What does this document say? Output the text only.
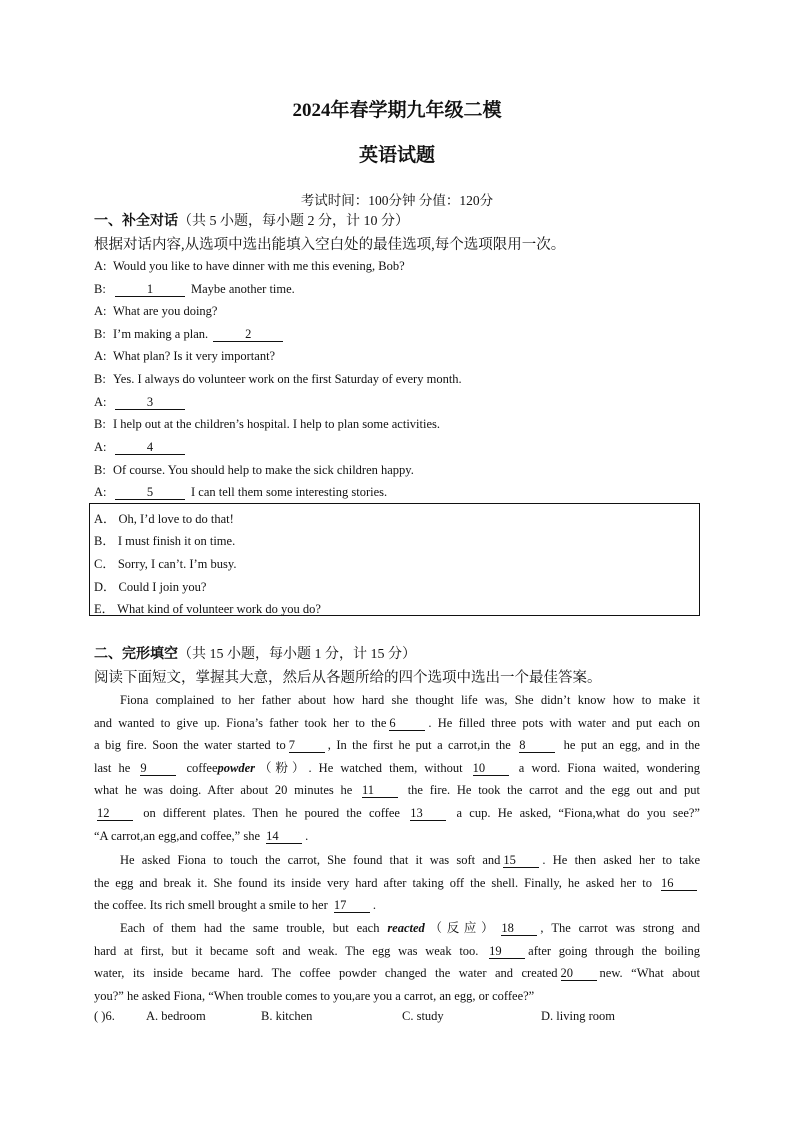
2024年春学期九年级二模
英语试题
考试时间：100分钟 分值：120分
一、补全对话（共 5 小题，每小题 2 分，计 10 分）
根据对话内容,从选项中选出能填入空白处的最佳选项,每个选项限用一次。
A: Would you like to have dinner with me this evening, Bob?
B:	1	Maybe another time.
A: What are you doing?
B: I’m making a plan.	2
A: What plan? Is it very important?
B: Yes. I always do volunteer work on the first Saturday of every month.
A:	3
B: I help out at the children’s hospital. I help to plan some activities.
A:	4
B: Of course. You should help to make the sick children happy.
A:	5	I can tell them some interesting stories.
A． Oh, I’d love to do that!
B． I must finish it on time.
C． Sorry, I can’t. I’m busy.
D． Could I join you?
E． What kind of volunteer work do you do?
二、完形填空（共 15 小题，每小题 1 分，计 15 分）
阅读下面短文，掌握其大意，然后从各题所给的四个选项中选出一个最佳答案。
Fiona complained to her father about how hard she thought life was, She didn’t know how to make it
and wanted to give up. Fiona’s father took her to the 6	. He filled three pots with water and put each on
a big fire. Soon the water started to 7	, In the first he put a carrot,in the 8	he put an egg, and in the
last he 9	coffeepowder（粉）. He watched them, without 10 a word. Fiona waited, wondering
what he was doing. After about 20 minutes he 11 the fire. He took the carrot and the egg out and put
12 on different plates. Then he poured the coffee 13 a cup. He asked, “Fiona,what do you see?”
“A carrot,an egg,and coffee,” she 14 .
He asked Fiona to touch the carrot, She found that it was soft and 15 . He then asked her to take
the egg and break it. She found its inside very hard after taking off the shell. Finally, he asked her to 16
the coffee. Its rich smell brought a smile to her 17 .
Each of them had the same trouble, but each reacted（反应） 18 , The carrot was strong and
hard at first, but it became soft and weak. The egg was weak too. 19 after going through the boiling
water, its inside became hard. The coffee powder changed the water and created 20 new. “What about
you?” he asked Fiona, “When trouble comes to you,are you a carrot, an egg, or coffee?”
( )6. A. bedroom	B. kitchen	C. study	D. living room
